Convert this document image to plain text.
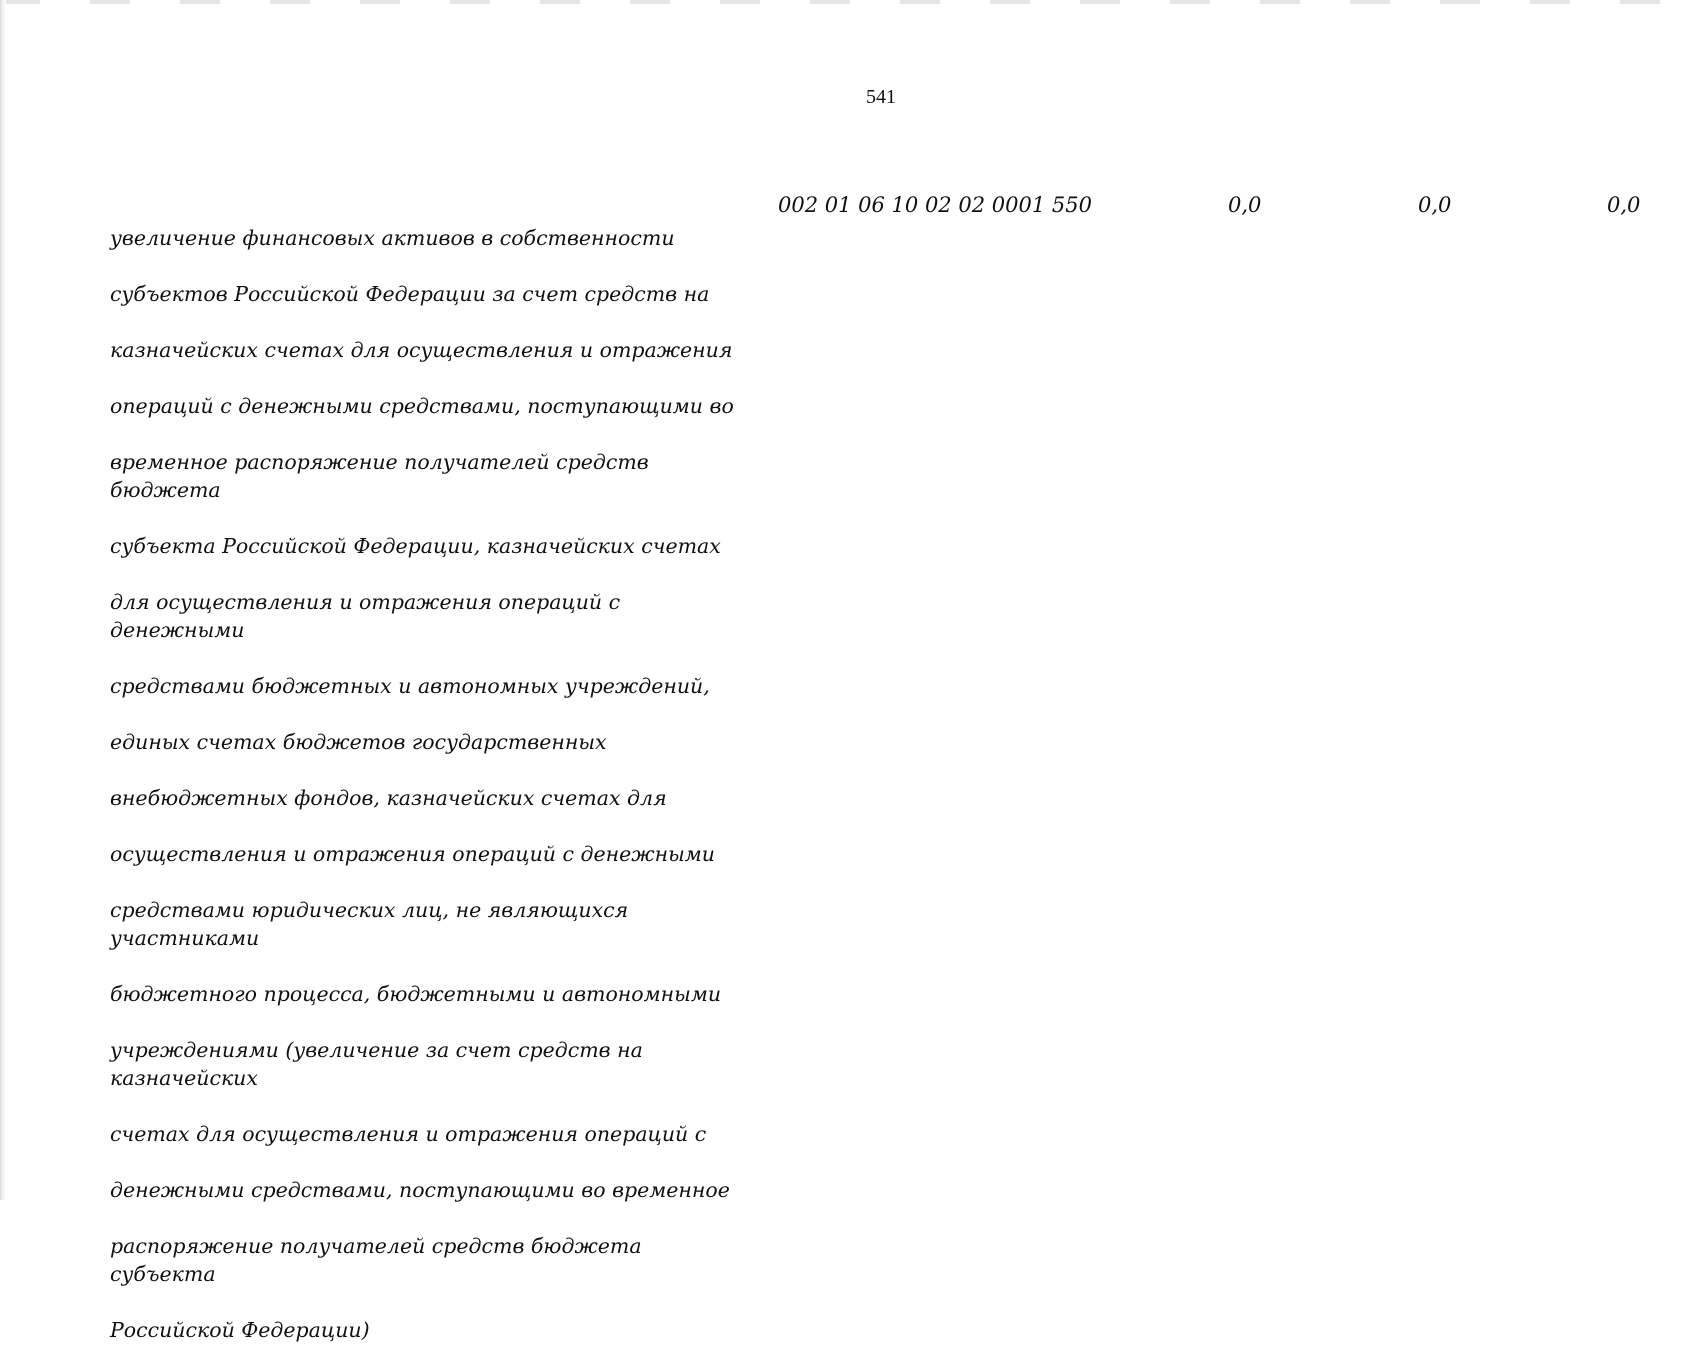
541

увеличение финансовых активов в собственности

субъектов Российской Федерации за счет средств на

казначейских счетах для осуществления и отражения

операций с денежными средствами, поступающими во

временное распоряжение получателей средств бюджета

субъекта Российской Федерации, казначейских счетах

для осуществления и отражения операций с денежными

средствами бюджетных и автономных учреждений,

единых счетах бюджетов государственных

внебюджетных фондов, казначейских счетах для

осуществления и отражения операций с денежными

средствами юридических лиц, не являющихся участниками

бюджетного процесса, бюджетными и автономными

учреждениями (увеличение за счет средств на казначейских

счетах для осуществления и отражения операций с

денежными средствами, поступающими во временное

распоряжение получателей средств бюджета субъекта

Российской Федерации)

002 01 06 10 02 02 0001 550	0,0	0,0	0,0
